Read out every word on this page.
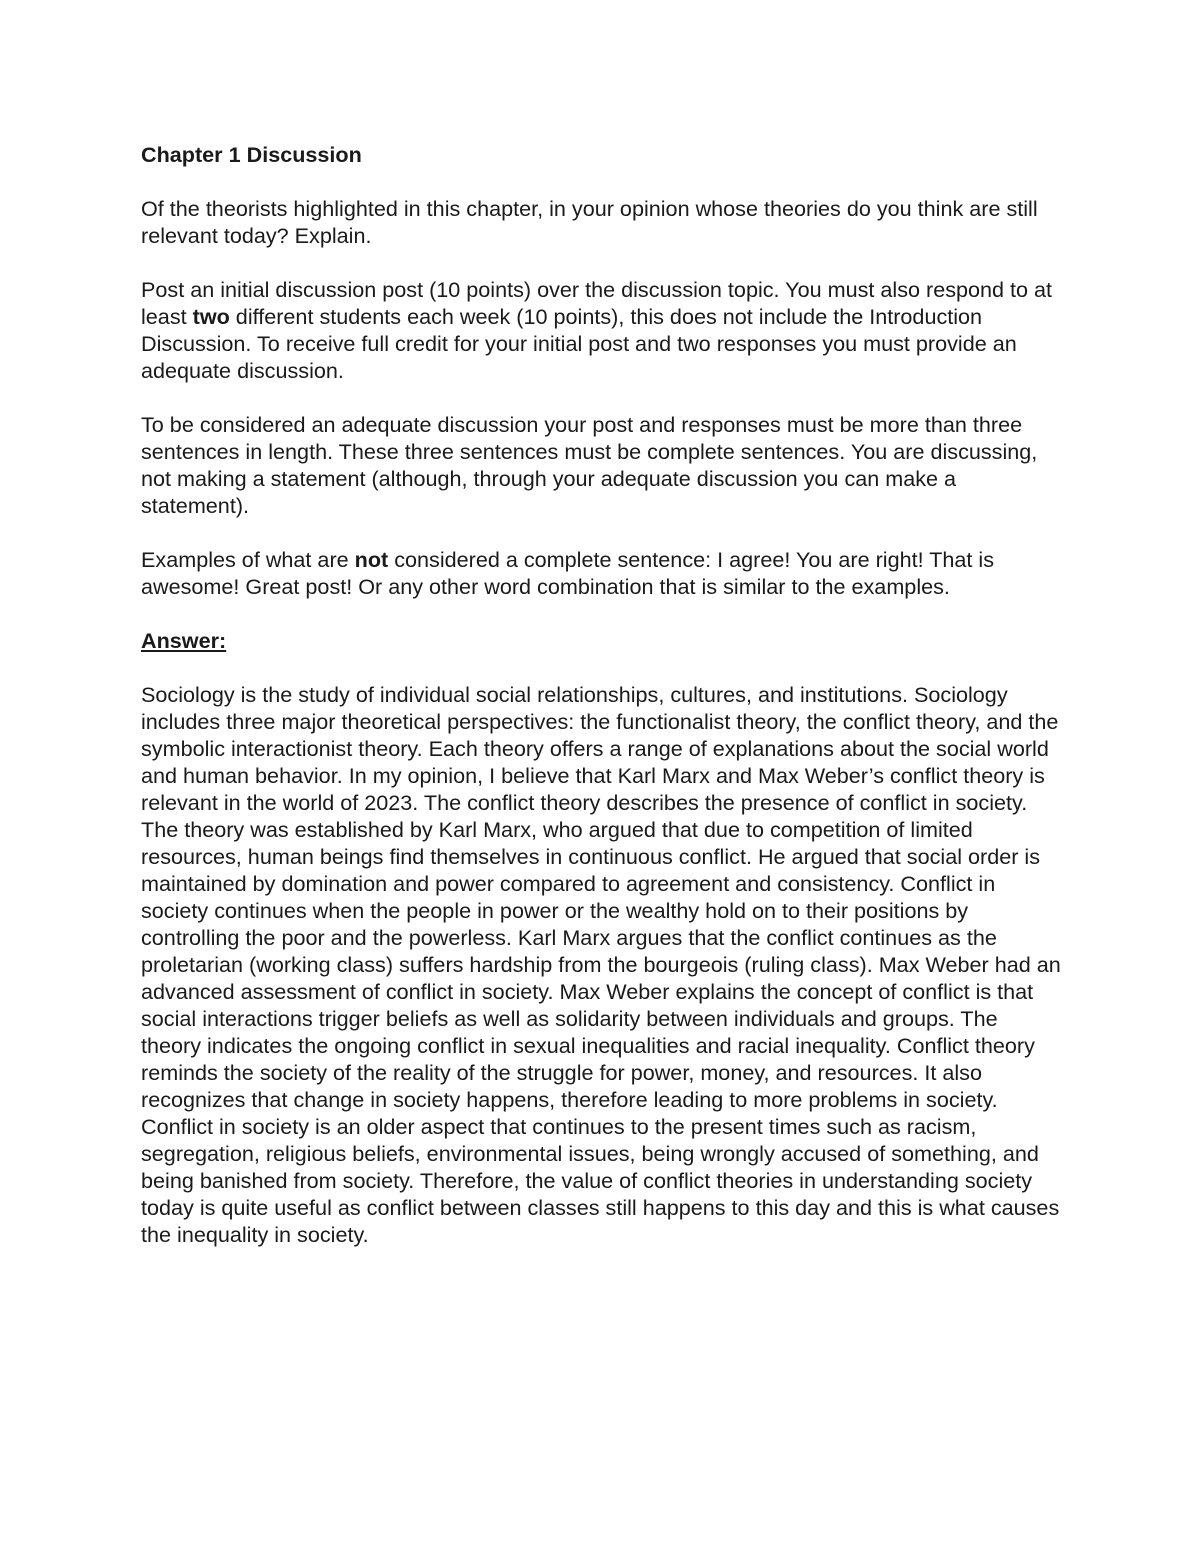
Chapter 1 Discussion

Of the theorists highlighted in this chapter, in your opinion whose theories do you think are still relevant today? Explain.

Post an initial discussion post (10 points) over the discussion topic. You must also respond to at least two different students each week (10 points), this does not include the Introduction Discussion. To receive full credit for your initial post and two responses you must provide an adequate discussion.

To be considered an adequate discussion your post and responses must be more than three sentences in length. These three sentences must be complete sentences. You are discussing, not making a statement (although, through your adequate discussion you can make a statement).

Examples of what are not considered a complete sentence: I agree! You are right! That is awesome! Great post! Or any other word combination that is similar to the examples.

Answer:

Sociology is the study of individual social relationships, cultures, and institutions. Sociology includes three major theoretical perspectives: the functionalist theory, the conflict theory, and the symbolic interactionist theory. Each theory offers a range of explanations about the social world and human behavior. In my opinion, I believe that Karl Marx and Max Weber’s conflict theory is relevant in the world of 2023. The conflict theory describes the presence of conflict in society. The theory was established by Karl Marx, who argued that due to competition of limited resources, human beings find themselves in continuous conflict. He argued that social order is maintained by domination and power compared to agreement and consistency. Conflict in society continues when the people in power or the wealthy hold on to their positions by controlling the poor and the powerless. Karl Marx argues that the conflict continues as the proletarian (working class) suffers hardship from the bourgeois (ruling class). Max Weber had an advanced assessment of conflict in society. Max Weber explains the concept of conflict is that social interactions trigger beliefs as well as solidarity between individuals and groups. The theory indicates the ongoing conflict in sexual inequalities and racial inequality. Conflict theory reminds the society of the reality of the struggle for power, money, and resources. It also recognizes that change in society happens, therefore leading to more problems in society. Conflict in society is an older aspect that continues to the present times such as racism, segregation, religious beliefs, environmental issues, being wrongly accused of something, and being banished from society. Therefore, the value of conflict theories in understanding society today is quite useful as conflict between classes still happens to this day and this is what causes the inequality in society.
